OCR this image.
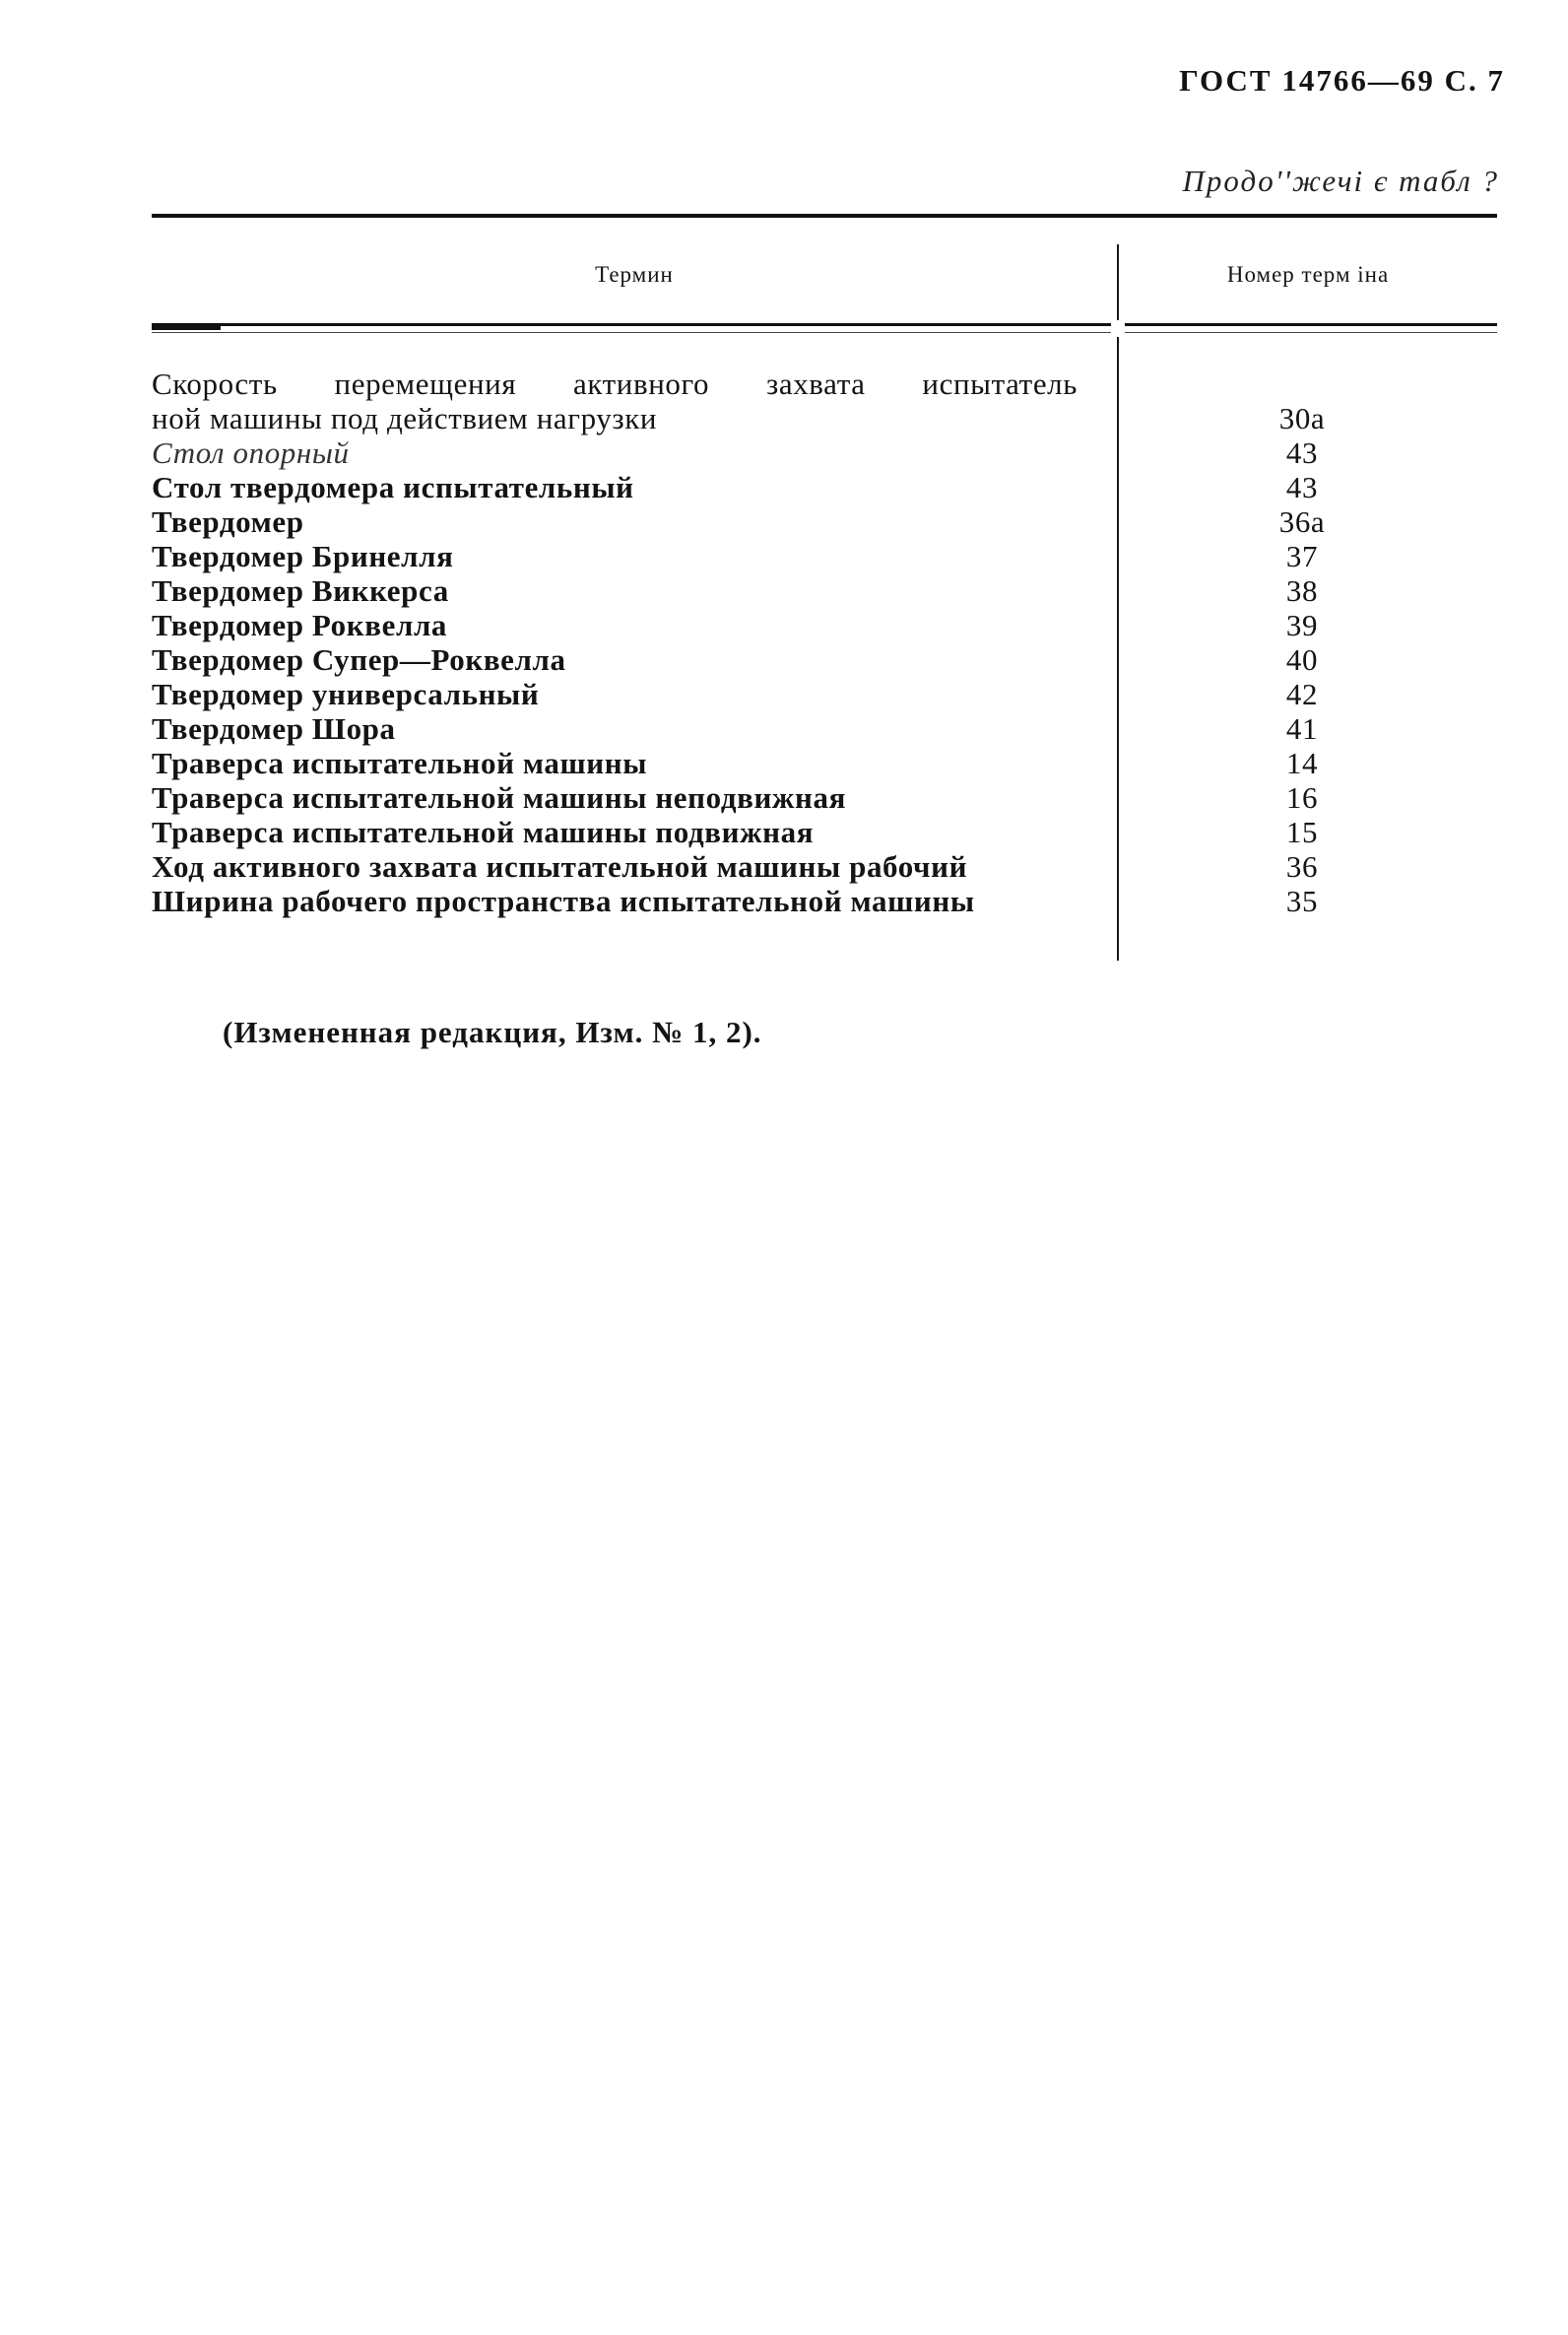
ГОСТ 14766—69 С. 7
Продо''жечі є табл ?
Термин	Номер терм іна
Скорость перемещения активного захвата испытатель
ной машины под действием нагрузки	30а
Стол опорный	43
Стол твердомера испытательный	43
Твердомер	36а
Твердомер Бринелля	37
Твердомер Виккерса	38
Твердомер Роквелла	39
Твердомер Супер—Роквелла	40
Твердомер универсальный	42
Твердомер Шора	41
Траверса испытательной машины	14
Траверса испытательной машины неподвижная	16
Траверса испытательной машины подвижная	15
Ход активного захвата испытательной машины рабочий	36
Ширина рабочего пространства испытательной машины	35
(Измененная редакция, Изм. № 1, 2).
